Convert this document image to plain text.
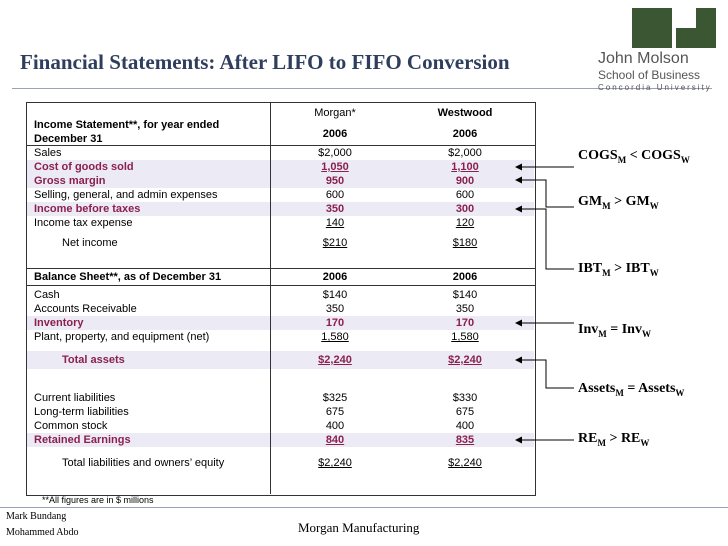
Financial Statements: After LIFO to FIFO Conversion	John Molson
School of Business
Concordia University
Morgan*	Westwood
Income Statement**, for year ended December 31	2006	2006
Sales	$2,000	$2,000
Cost of goods sold	1,050	1,100
Gross margin	950	900
Selling, general, and admin expenses	600	600
Income before taxes	350	300
Income tax expense	140	120
Net income	$210	$180
Balance Sheet**, as of December 31	2006	2006
Cash	$140	$140
Accounts Receivable	350	350
Inventory	170	170
Plant, property, and equipment (net)	1,580	1,580
Total assets	$2,240	$2,240
Current liabilities	$325	$330
Long-term liabilities	675	675
Common stock	400	400
Retained Earnings	840	835
Total liabilities and owners’ equity	$2,240	$2,240
**All figures are in $ millions
$COGS_M$ < $COGS_W$
$GM_M > GM_W$
$IBT_M > IBT_W$
Inv$_M$ = Inv$_W$
Assets$_M$ = Assets$_W$
$RE_M > RE_W$
Mark Bundang
Mohammed Abdo	Morgan Manufacturing
